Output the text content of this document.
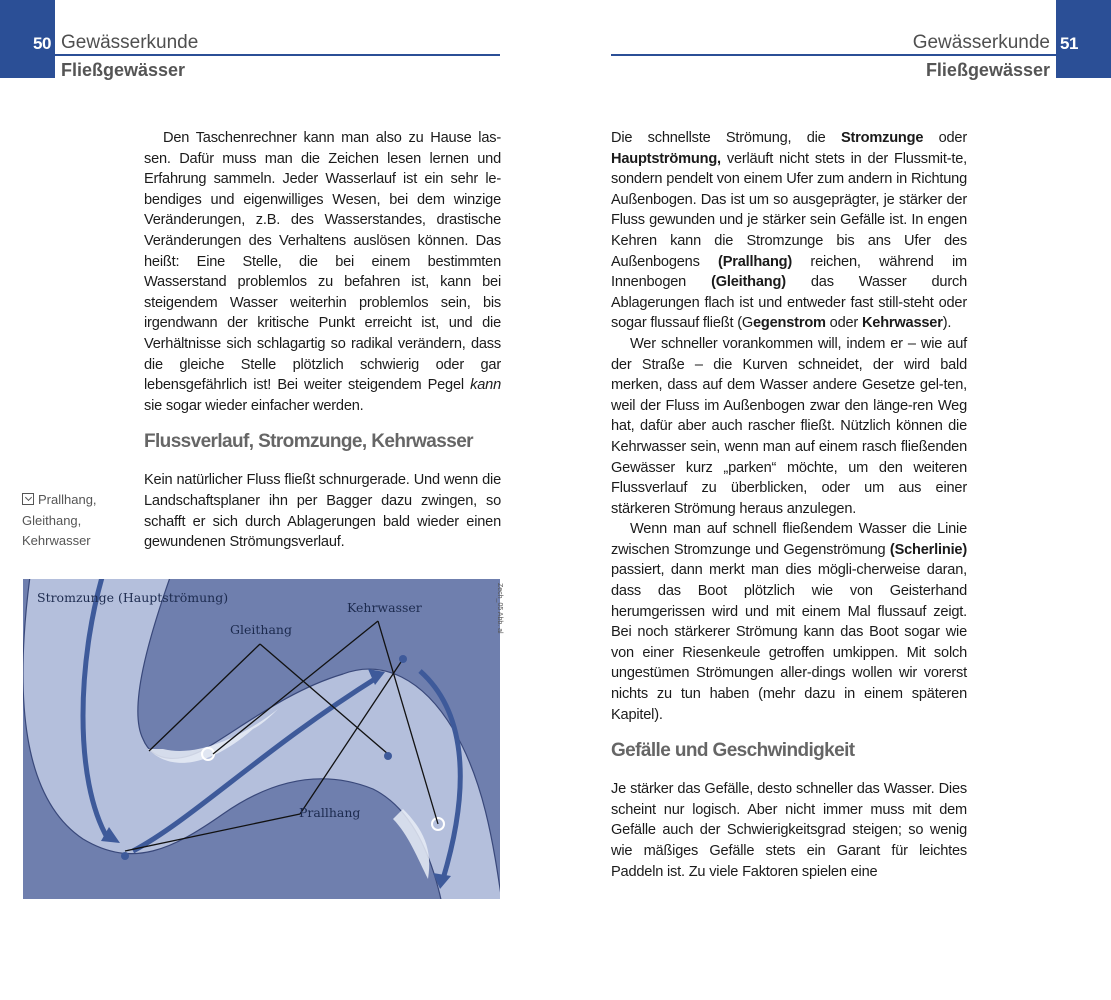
50 Gewässerkunde
Fließgewässer

Den Taschenrechner kann man also zu Hause las-sen. Dafür muss man die Zeichen lesen lernen und Erfahrung sammeln. Jeder Wasserlauf ist ein sehr le-bendiges und eigenwilliges Wesen, bei dem winzige Veränderungen, z.B. des Wasserstandes, drastische Veränderungen des Verhaltens auslösen können. Das heißt: Eine Stelle, die bei einem bestimmten Wasserstand problemlos zu befahren ist, kann bei steigendem Wasser weiterhin problemlos sein, bis irgendwann der kritische Punkt erreicht ist, und die Verhältnisse sich schlagartig so radikal verändern, dass die gleiche Stelle plötzlich schwierig oder gar lebensgefährlich ist! Bei weiter steigendem Pegel kann sie sogar wieder einfacher werden.

Flussverlauf, Stromzunge, Kehrwasser
Prallhang,
Gleithang,
Kehrwasser

Kein natürlicher Fluss fließt schnurgerade. Und wenn die Landschaftsplaner ihn per Bagger dazu zwingen, so schafft er sich durch Ablagerungen bald wieder einen gewundenen Strömungsverlauf.

Stromzunge (Hauptströmung)
Gleithang
Kehrwasser
Prallhang
Zech_05 Abb. al
51
Gewässerkunde
Fließgewässer

Die schnellste Strömung, die Stromzunge oder Hauptströmung, verläuft nicht stets in der Flussmit-te, sondern pendelt von einem Ufer zum andern in Richtung Außenbogen. Das ist um so ausgeprägter, je stärker der Fluss gewunden und je stärker sein Gefälle ist. In engen Kehren kann die Stromzunge bis ans Ufer des Außenbogens (Prallhang) reichen, während im Innenbogen (Gleithang) das Wasser durch Ablagerungen flach ist und entweder fast still-steht oder sogar flussauf fließt (Gegenstrom oder Kehrwasser).

Wer schneller vorankommen will, indem er – wie auf der Straße – die Kurven schneidet, der wird bald merken, dass auf dem Wasser andere Gesetze gel-ten, weil der Fluss im Außenbogen zwar den länge-ren Weg hat, dafür aber auch rascher fließt. Nützlich können die Kehrwasser sein, wenn man auf einem rasch fließenden Gewässer kurz „parken“ möchte, um den weiteren Flussverlauf zu überblicken, oder um aus einer stärkeren Strömung heraus anzulegen.

Wenn man auf schnell fließendem Wasser die Linie zwischen Stromzunge und Gegenströmung (Scherlinie) passiert, dann merkt man dies mögli-cherweise daran, dass das Boot plötzlich wie von Geisterhand herumgerissen wird und mit einem Mal flussauf zeigt. Bei noch stärkerer Strömung kann das Boot sogar wie von einer Riesenkeule getroffen umkippen. Mit solch ungestümen Strömungen aller-dings wollen wir vorerst nichts zu tun haben (mehr dazu in einem späteren Kapitel).

Gefälle und Geschwindigkeit

Je stärker das Gefälle, desto schneller das Wasser. Dies scheint nur logisch. Aber nicht immer muss mit dem Gefälle auch der Schwierigkeitsgrad steigen; so wenig wie mäßiges Gefälle stets ein Garant für leichtes Paddeln ist. Zu viele Faktoren spielen eine
